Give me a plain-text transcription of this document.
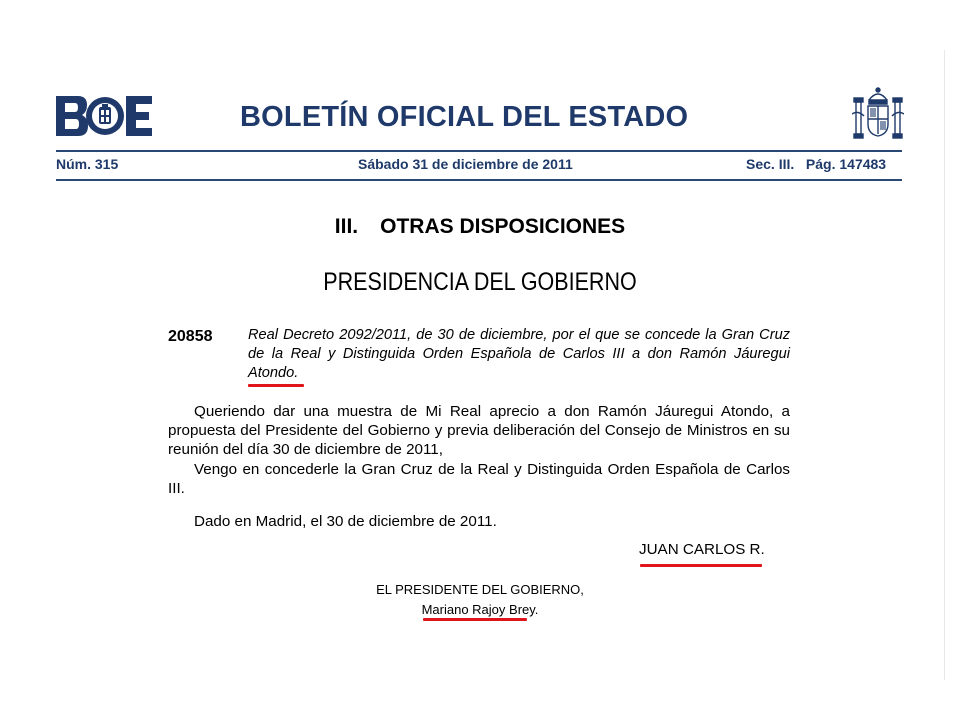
BOLETÍN OFICIAL DEL ESTADO
Núm. 315	Sábado 31 de diciembre de 2011	Sec. III.   Pág. 147483
III. OTRAS DISPOSICIONES
PRESIDENCIA DEL GOBIERNO
20858 Real Decreto 2092/2011, de 30 de diciembre, por el que se concede la Gran Cruz de la Real y Distinguida Orden Española de Carlos III a don Ramón Jáuregui Atondo.

Queriendo dar una muestra de Mi Real aprecio a don Ramón Jáuregui Atondo, a propuesta del Presidente del Gobierno y previa deliberación del Consejo de Ministros en su reunión del día 30 de diciembre de 2011,

Vengo en concederle la Gran Cruz de la Real y Distinguida Orden Española de Carlos III.

Dado en Madrid, el 30 de diciembre de 2011.

JUAN CARLOS R.
EL PRESIDENTE DEL GOBIERNO,
Mariano Rajoy Brey.
